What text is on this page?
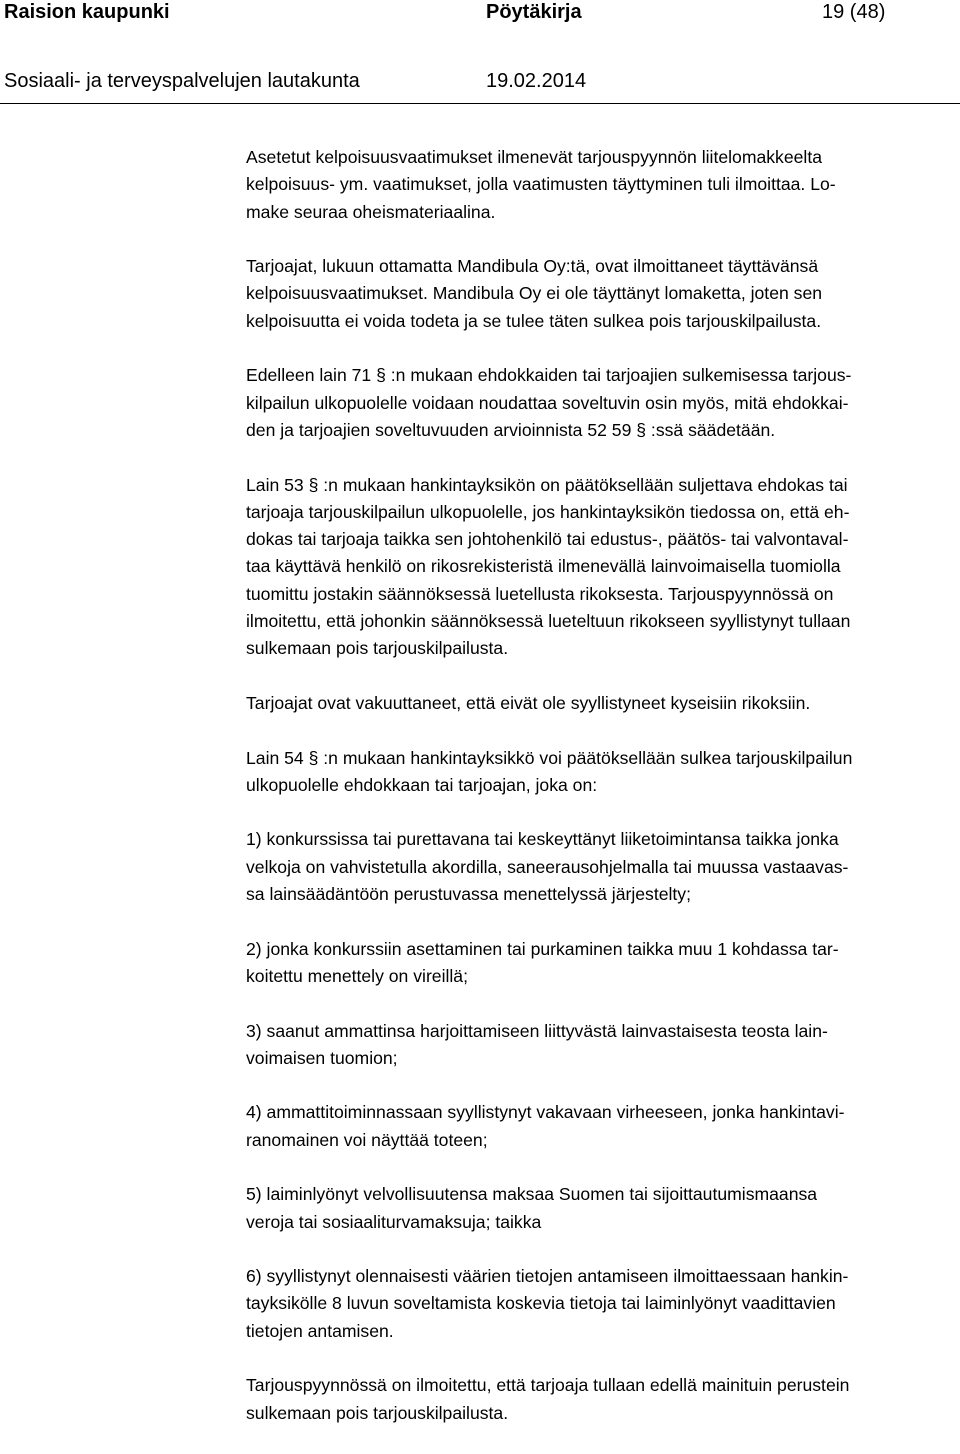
Raision kaupunki	Pöytäkirja	19 (48)
Sosiaali- ja terveyspalvelujen lautakunta	19.02.2014

Asetetut kelpoisuusvaatimukset ilmenevät tarjouspyynnön liitelomakkeelta
kelpoisuus- ym. vaatimukset, jolla vaatimusten täyttyminen tuli ilmoittaa. Lo-
make seuraa oheismateriaalina.

Tarjoajat, lukuun ottamatta Mandibula Oy:tä, ovat ilmoittaneet täyttävänsä
kelpoisuusvaatimukset. Mandibula Oy ei ole täyttänyt lomaketta, joten sen
kelpoisuutta ei voida todeta ja se tulee täten sulkea pois tarjouskilpailusta.

Edelleen lain 71 § :n mukaan ehdokkaiden tai tarjoajien sulkemisessa tarjous-
kilpailun ulkopuolelle voidaan noudattaa soveltuvin osin myös, mitä ehdokkai-
den ja tarjoajien soveltuvuuden arvioinnista 52 59 § :ssä säädetään.

Lain 53 § :n mukaan hankintayksikön on päätöksellään suljettava ehdokas tai
tarjoaja tarjouskilpailun ulkopuolelle, jos hankintayksikön tiedossa on, että eh-
dokas tai tarjoaja taikka sen johtohenkilö tai edustus-, päätös- tai valvontaval-
taa käyttävä henkilö on rikosrekisteristä ilmenevällä lainvoimaisella tuomiolla
tuomittu jostakin säännöksessä luetellusta rikoksesta. Tarjouspyynnössä on
ilmoitettu, että johonkin säännöksessä lueteltuun rikokseen syyllistynyt tullaan
sulkemaan pois tarjouskilpailusta.

Tarjoajat ovat vakuuttaneet, että eivät ole syyllistyneet kyseisiin rikoksiin.

Lain 54 § :n mukaan hankintayksikkö voi päätöksellään sulkea tarjouskilpailun
ulkopuolelle ehdokkaan tai tarjoajan, joka on:

1) konkurssissa tai purettavana tai keskeyttänyt liiketoimintansa taikka jonka
velkoja on vahvistetulla akordilla, saneerausohjelmalla tai muussa vastaavas-
sa lainsäädäntöön perustuvassa menettelyssä järjestelty;

2) jonka konkurssiin asettaminen tai purkaminen taikka muu 1 kohdassa tar-
koitettu menettely on vireillä;

3) saanut ammattinsa harjoittamiseen liittyvästä lainvastaisesta teosta lain-
voimaisen tuomion;

4) ammattitoiminnassaan syyllistynyt vakavaan virheeseen, jonka hankintavi-
ranomainen voi näyttää toteen;

5) laiminlyönyt velvollisuutensa maksaa Suomen tai sijoittautumismaansa
veroja tai sosiaaliturvamaksuja; taikka

6) syyllistynyt olennaisesti väärien tietojen antamiseen ilmoittaessaan hankin-
tayksikölle 8 luvun soveltamista koskevia tietoja tai laiminlyönyt vaadittavien
tietojen antamisen.

Tarjouspyynnössä on ilmoitettu, että tarjoaja tullaan edellä mainituin perustein
sulkemaan pois tarjouskilpailusta.
